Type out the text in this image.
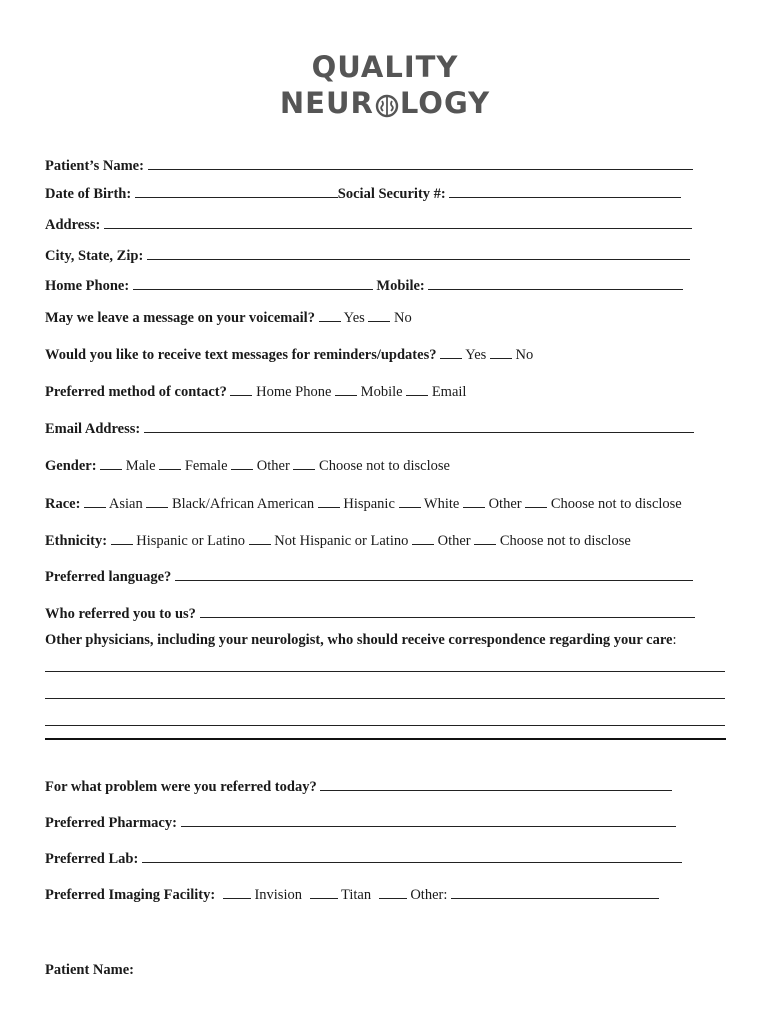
QUALITY
NEUR LOGY
Patient’s Name:
Date of Birth:	Social Security #:
Address:
City, State, Zip:
Home Phone:	Mobile:
May we leave a message on your voicemail? Yes No
Would you like to receive text messages for reminders/updates? Yes No
Preferred method of contact? Home Phone Mobile Email
Email Address:
Gender: Male Female Other Choose not to disclose
Race: Asian Black/African American Hispanic White Other Choose not to disclose
Ethnicity: Hispanic or Latino Not Hispanic or Latino Other Choose not to disclose
Preferred language?
Who referred you to us?
Other physicians, including your neurologist, who should receive correspondence regarding your care:
For what problem were you referred today?
Preferred Pharmacy:
Preferred Lab:
Preferred Imaging Facility:	Invision	Titan	Other:
Patient Name:
